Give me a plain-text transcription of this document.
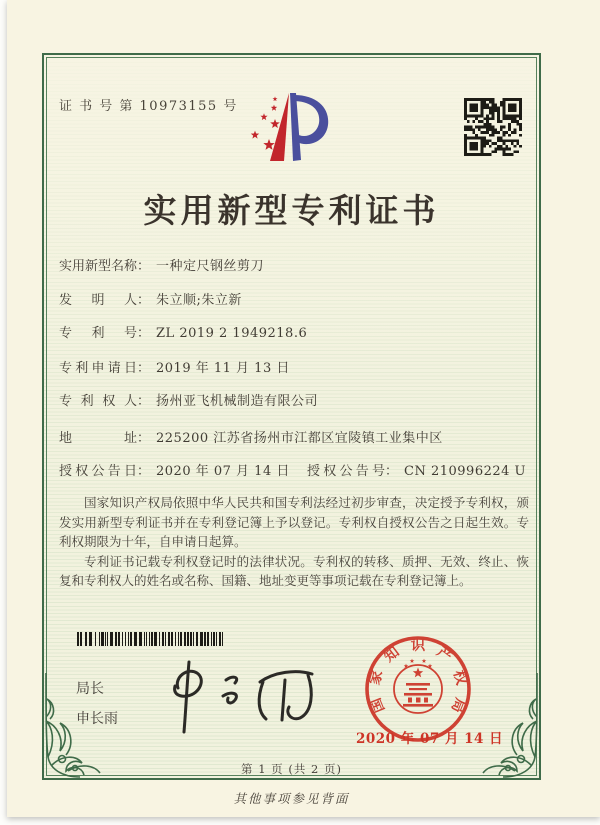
证 书 号 第 10973155 号
实用新型专利证书
实用新型名称： 一种定尺钢丝剪刀
发明人： 朱立顺;朱立新
专利号： ZL 2019 2 1949218.6
专利申请日： 2019 年 11 月 13 日
专利权人： 扬州亚飞机械制造有限公司
地址： 225200 江苏省扬州市江都区宜陵镇工业集中区
授权公告日： 2020 年 07 月 14 日 授权公告号： CN 210996224 U

国家知识产权局依照中华人民共和国专利法经过初步审查，决定授予专利权，颁发实用新型专利证书并在专利登记簿上予以登记。专利权自授权公告之日起生效。专利权期限为十年，自申请日起算。

专利证书记载专利权登记时的法律状况。专利权的转移、质押、无效、终止、恢复和专利权人的姓名或名称、国籍、地址变更等事项记载在专利登记簿上。

局长
申长雨
国
家
知 识 产
权
局
2020 年 07 月 14 日
第 1 页 (共 2 页)
其他事项参见背面
